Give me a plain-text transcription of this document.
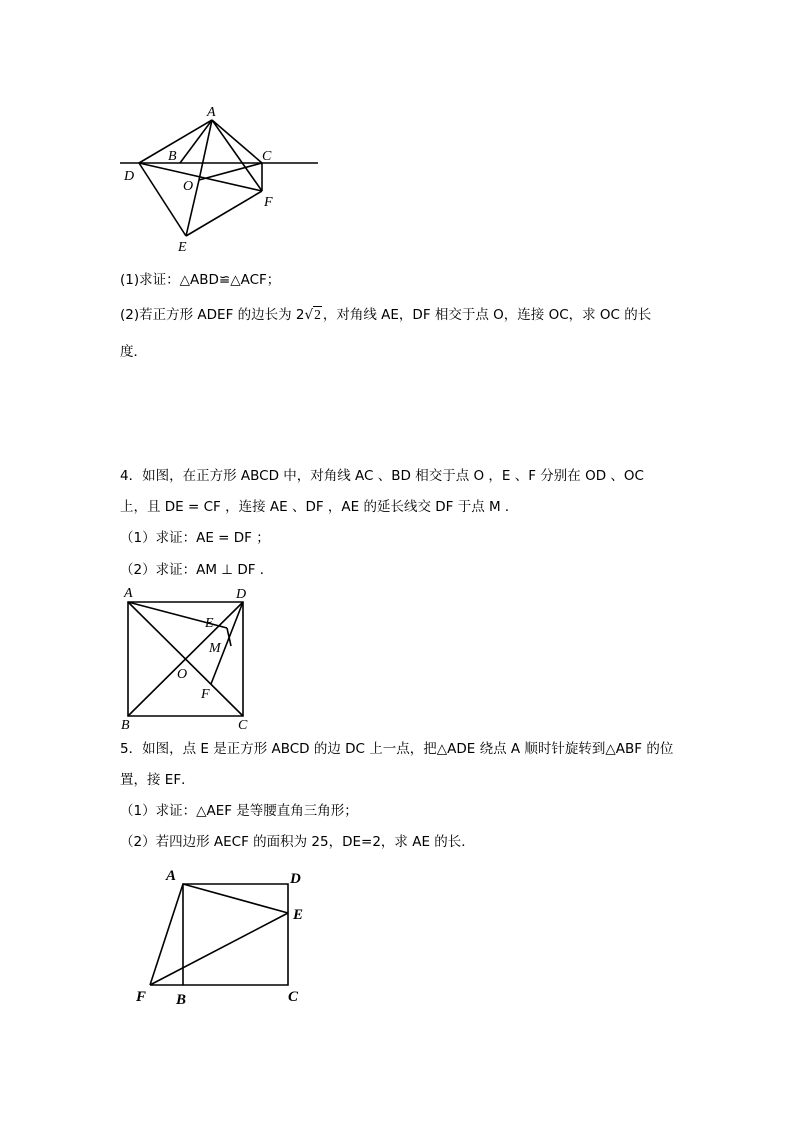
A
B	C
D
O
F
E
(1)求证：△ABD≌△ACF；
(2)若正方形 ADEF 的边长为 2√2 ，对角线 AE，DF 相交于点 O，连接 OC，求 OC 的长
度．
4．如图，在正方形 ABCD 中，对角线 AC 、BD 相交于点 O ，E 、F 分别在 OD 、OC
上，且 DE = CF ，连接 AE 、DF ，AE 的延长线交 DF 于点 M ．
（1）求证：AE = DF ；
（2）求证：AM ⊥ DF ．
A	D
E
M
O
F
B	C
5．如图，点 E 是正方形 ABCD 的边 DC 上一点，把△ADE 绕点 A 顺时针旋转到△ABF 的位
置，接 EF．
（1）求证：△AEF 是等腰直角三角形；
（2）若四边形 AECF 的面积为 25，DE=2，求 AE 的长．
A	D
E
F B	C
